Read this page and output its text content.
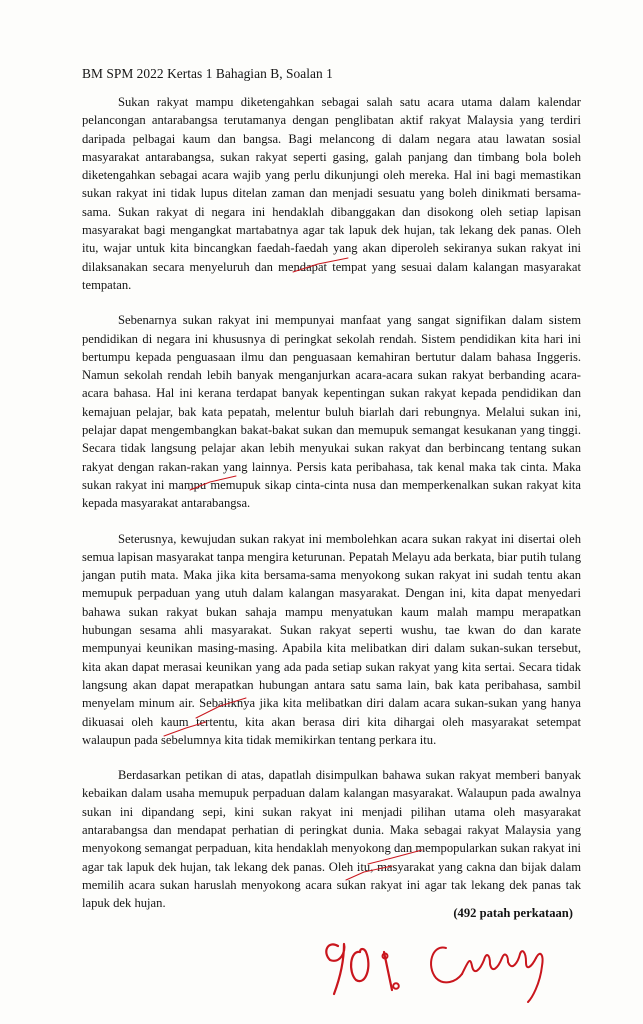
BM SPM 2022 Kertas 1 Bahagian B, Soalan 1

Sukan rakyat mampu diketengahkan sebagai salah satu acara utama dalam kalendar pelancongan antarabangsa terutamanya dengan penglibatan aktif rakyat Malaysia yang terdiri daripada pelbagai kaum dan bangsa. Bagi melancong di dalam negara atau lawatan sosial masyarakat antarabangsa, sukan rakyat seperti gasing, galah panjang dan timbang bola boleh diketengahkan sebagai acara wajib yang perlu dikunjungi oleh mereka. Hal ini bagi memastikan sukan rakyat ini tidak lupus ditelan zaman dan menjadi sesuatu yang boleh dinikmati bersama-sama. Sukan rakyat di negara ini hendaklah dibanggakan dan disokong oleh setiap lapisan masyarakat bagi mengangkat martabatnya agar tak lapuk dek hujan, tak lekang dek panas. Oleh itu, wajar untuk kita bincangkan faedah-faedah yang akan diperoleh sekiranya sukan rakyat ini dilaksanakan secara menyeluruh dan mendapat tempat yang sesuai dalam kalangan masyarakat tempatan.

Sebenarnya sukan rakyat ini mempunyai manfaat yang sangat signifikan dalam sistem pendidikan di negara ini khususnya di peringkat sekolah rendah. Sistem pendidikan kita hari ini bertumpu kepada penguasaan ilmu dan penguasaan kemahiran bertutur dalam bahasa Inggeris. Namun sekolah rendah lebih banyak menganjurkan acara-acara sukan rakyat berbanding acara-acara bahasa. Hal ini kerana terdapat banyak kepentingan sukan rakyat kepada pendidikan dan kemajuan pelajar, bak kata pepatah, melentur buluh biarlah dari rebungnya. Melalui sukan ini, pelajar dapat mengembangkan bakat-bakat sukan dan memupuk semangat kesukanan yang tinggi. Secara tidak langsung pelajar akan lebih menyukai sukan rakyat dan berbincang tentang sukan rakyat dengan rakan-rakan yang lainnya. Persis kata peribahasa, tak kenal maka tak cinta. Maka sukan rakyat ini mampu memupuk sikap cinta-cinta nusa dan memperkenalkan sukan rakyat kita kepada masyarakat antarabangsa.

Seterusnya, kewujudan sukan rakyat ini membolehkan acara sukan rakyat ini disertai oleh semua lapisan masyarakat tanpa mengira keturunan. Pepatah Melayu ada berkata, biar putih tulang jangan putih mata. Maka jika kita bersama-sama menyokong sukan rakyat ini sudah tentu akan memupuk perpaduan yang utuh dalam kalangan masyarakat. Dengan ini, kita dapat menyedari bahawa sukan rakyat bukan sahaja mampu menyatukan kaum malah mampu merapatkan hubungan sesama ahli masyarakat. Sukan rakyat seperti wushu, tae kwan do dan karate mempunyai keunikan masing-masing. Apabila kita melibatkan diri dalam sukan-sukan tersebut, kita akan dapat merasai keunikan yang ada pada setiap sukan rakyat yang kita sertai. Secara tidak langsung akan dapat merapatkan hubungan antara satu sama lain, bak kata peribahasa, sambil menyelam minum air. Sebaliknya jika kita melibatkan diri dalam acara sukan-sukan yang hanya dikuasai oleh kaum tertentu, kita akan berasa diri kita dihargai oleh masyarakat setempat walaupun pada sebelumnya kita tidak memikirkan tentang perkara itu.

Berdasarkan petikan di atas, dapatlah disimpulkan bahawa sukan rakyat memberi banyak kebaikan dalam usaha memupuk perpaduan dalam kalangan masyarakat. Walaupun pada awalnya sukan ini dipandang sepi, kini sukan rakyat ini menjadi pilihan utama oleh masyarakat antarabangsa dan mendapat perhatian di peringkat dunia. Maka sebagai rakyat Malaysia yang menyokong semangat perpaduan, kita hendaklah menyokong dan mempopularkan sukan rakyat ini agar tak lapuk dek hujan, tak lekang dek panas. Oleh itu, masyarakat yang cakna dan bijak dalam memilih acara sukan haruslah menyokong acara sukan rakyat ini agar tak lekang dek panas tak lapuk dek hujan.

(492 patah perkataan)
